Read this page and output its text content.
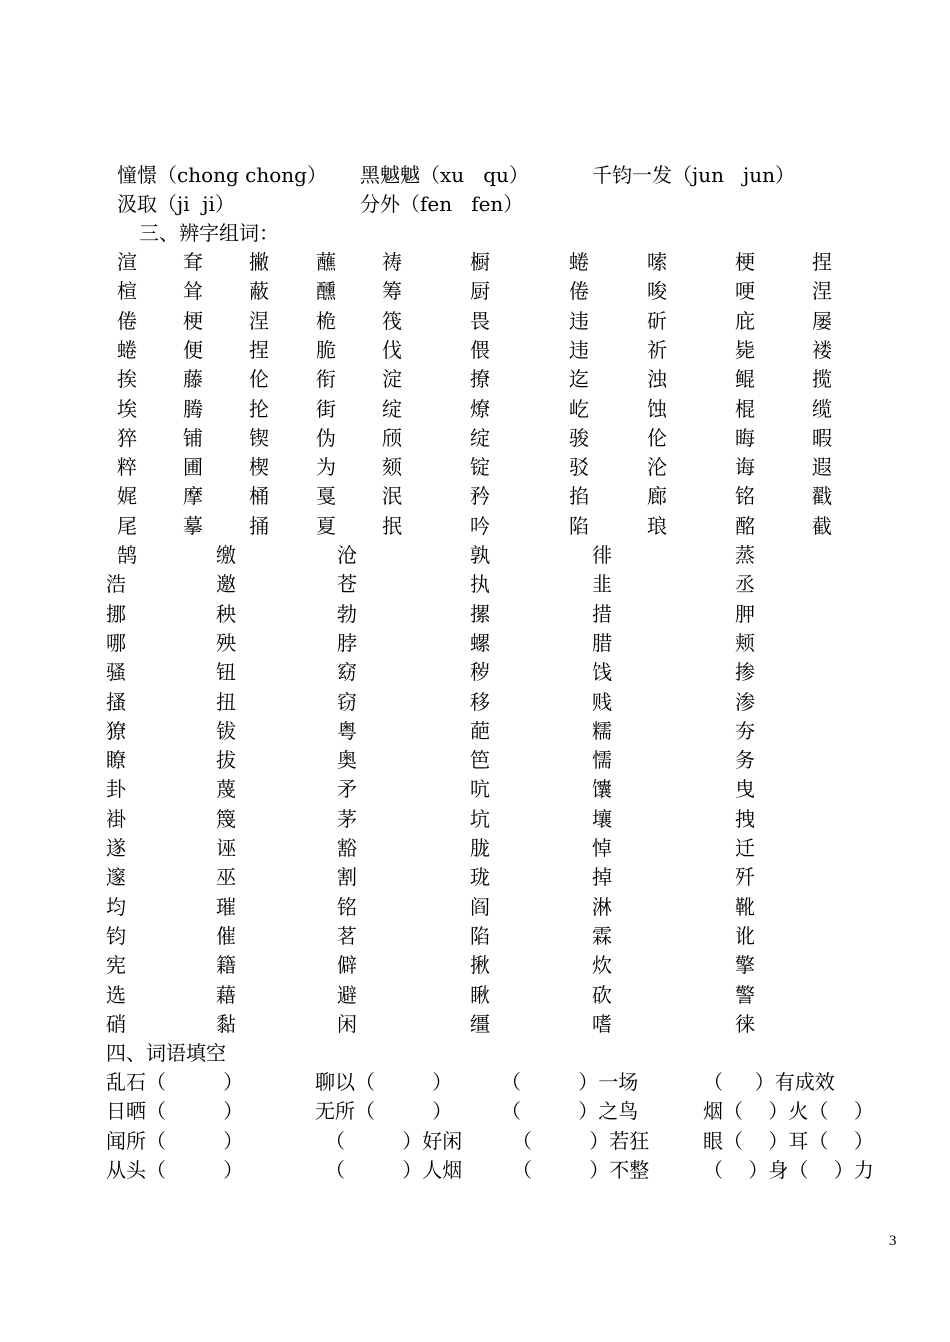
憧憬（chong chong） 黑魆魆（xu   qu）	千钧一发（jun   jun）
汲取（ji  ji）	分外（fen   fen）
三、辨字组词：
渲 耷 撇 蘸 祷	橱	蜷	嗦	梗	捏
楦 耸 蔽 醺 筹	厨	倦	唆	哽	涅
倦 梗 涅 桅 筏	畏	违	斫	庇	屡
蜷 便 捏 脆 伐	偎	违	祈	毙	褛
挨 藤 伦 衔 淀	撩	迄	浊	鲲	揽
埃 腾 抡 街 绽	燎	屹	蚀	棍	缆
猝 铺 锲 伪 颀	绽	骏	伦	晦	暇
粹 圃 楔 为 颏	锭	驳	沦	诲	遐
娓 摩 桶 戛 泯	矜	掐	廊	铭	戳
尾 摹 捅 夏 抿	吟	陷	琅	酩	截
鹄	缴	沧	孰	徘	蒸
浩	邀	苍	执	韭	丞
挪	秧	勃	摞	措	胛
哪	殃	脖	螺	腊	颊
骚	钮	窈	秽	饯	掺
搔	扭	窃	移	贱	渗
獠	钹	粤	葩	糯	夯
瞭	拔	奥	笆	懦	务
卦	蔑	矛	吭	馕	曳
褂	篾	茅	坑	壤	拽
遂	诬	豁	胧	悼	迁
邃	巫	割	珑	掉	歼
均	璀	铭	阎	淋	靴
钧	催	茗	陷	霖	讹
宪	籍	僻	揪	炊	擎
选	藉	避	瞅	砍	警
硝	黏	闲	缰	嗜	徕
四、词语填空
乱石（         ）	聊以（         ） （         ）一场	（     ）有成效
日晒（         ）	无所（         ） （         ）之鸟	烟（    ）火（    ）
闻所（         ）	（         ）好闲 （         ）若狂	眼（    ）耳（    ）
从头（         ）	（         ）人烟 （         ）不整	（    ）身（    ）力
3
